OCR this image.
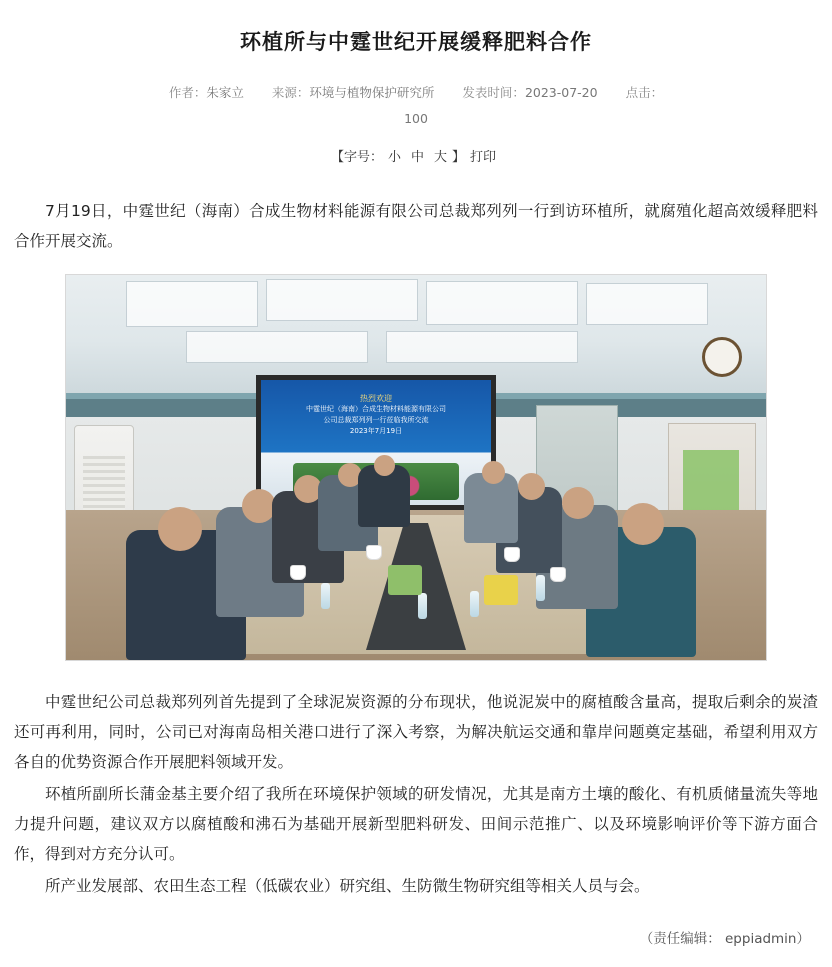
环植所与中霆世纪开展缓释肥料合作
作者：朱家立 来源：环境与植物保护研究所 发表时间：2023-07-20 点击：
100
【字号： 小 中 大 】 打印

7月19日，中霆世纪（海南）合成生物材料能源有限公司总裁郑列列一行到访环植所，就腐殖化超高效缓释肥料合作开展交流。

热烈欢迎
中霆世纪（海南）合成生物材料能源有限公司
公司总裁郑列列一行莅临我所交流
2023年7月19日

中霆世纪公司总裁郑列列首先提到了全球泥炭资源的分布现状，他说泥炭中的腐植酸含量高，提取后剩余的炭渣还可再利用，同时，公司已对海南岛相关港口进行了深入考察，为解决航运交通和靠岸问题奠定基础，希望利用双方各自的优势资源合作开展肥料领域开发。

环植所副所长蒲金基主要介绍了我所在环境保护领域的研发情况，尤其是南方土壤的酸化、有机质储量流失等地力提升问题，建议双方以腐植酸和沸石为基础开展新型肥料研发、田间示范推广、以及环境影响评价等下游方面合作，得到对方充分认可。

所产业发展部、农田生态工程（低碳农业）研究组、生防微生物研究组等相关人员与会。

（责任编辑： eppiadmin）
